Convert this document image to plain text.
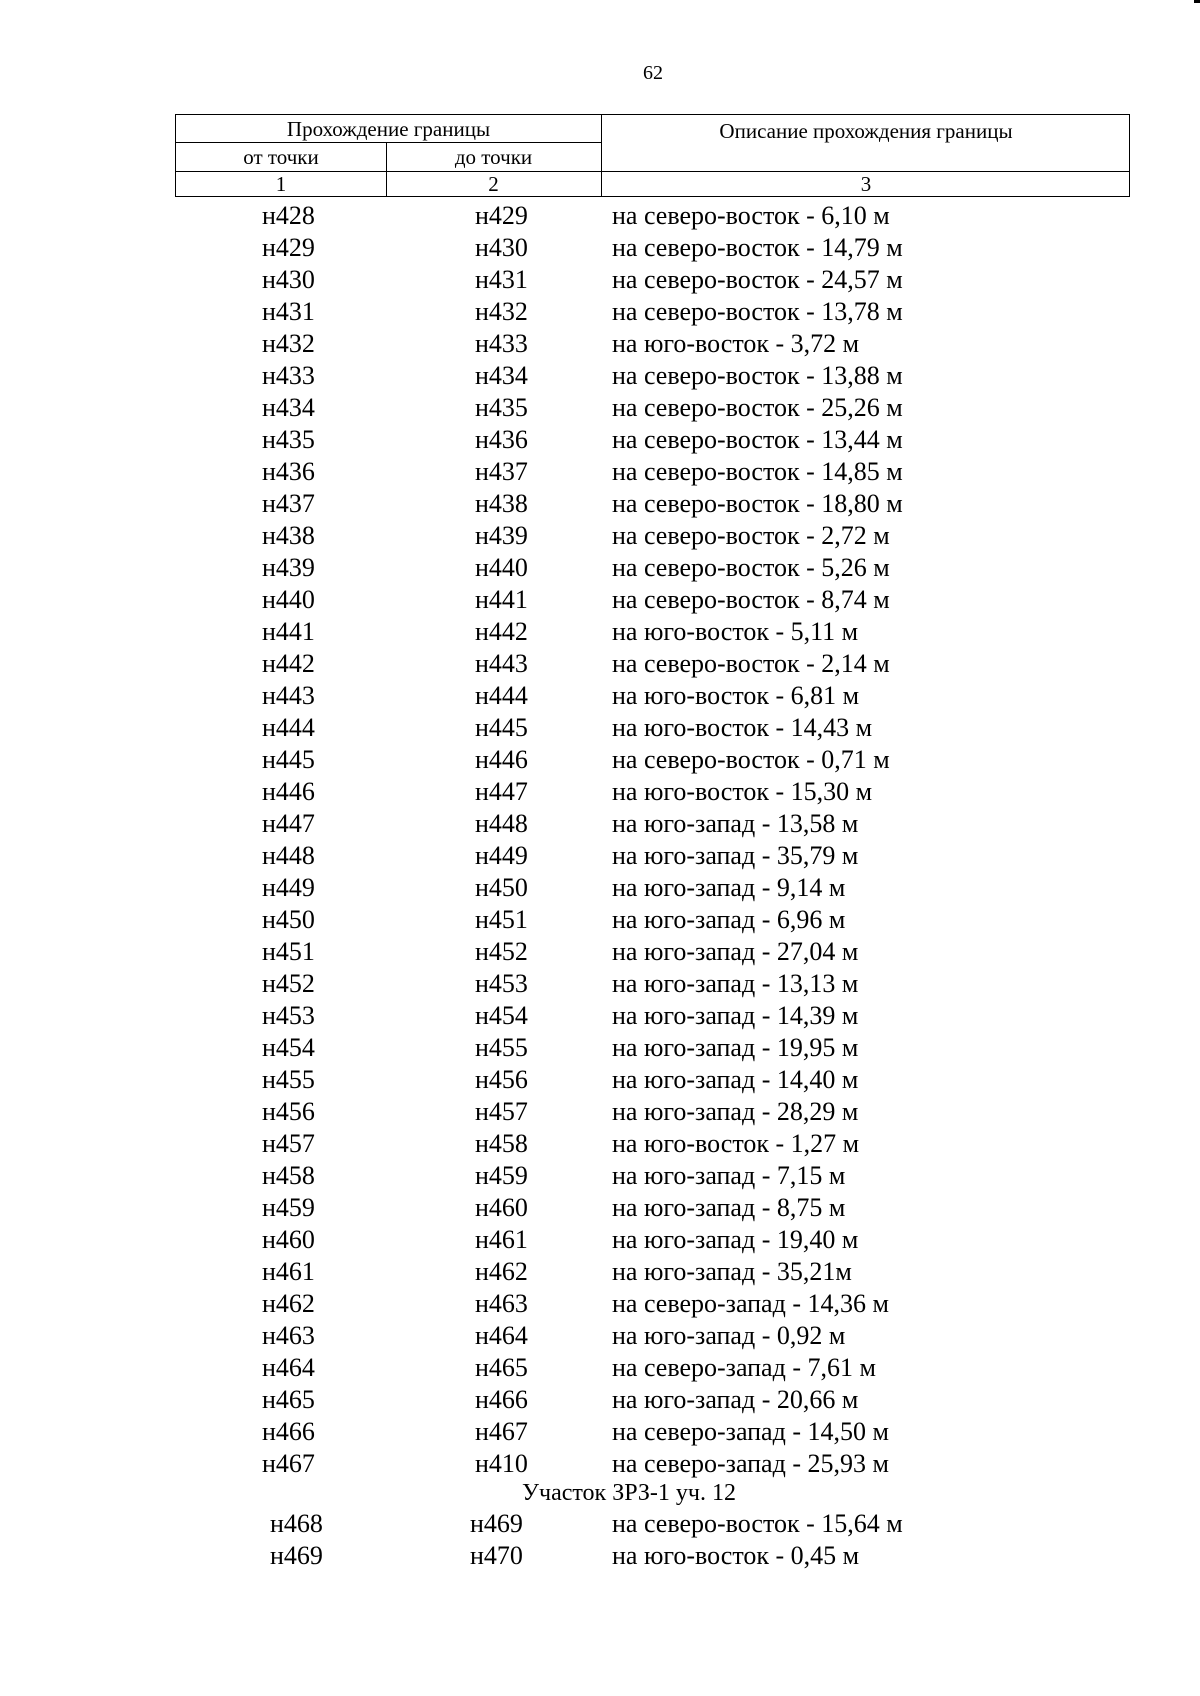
62
Прохождение границы
от точки	до точки
Описание прохождения границы
1	2	3
н428	н429	на северо-восток - 6,10 м
н429	н430	на северо-восток - 14,79 м
н430	н431	на северо-восток - 24,57 м
н431	н432	на северо-восток - 13,78 м
н432	н433	на юго-восток - 3,72 м
н433	н434	на северо-восток - 13,88 м
н434	н435	на северо-восток - 25,26 м
н435	н436	на северо-восток - 13,44 м
н436	н437	на северо-восток - 14,85 м
н437	н438	на северо-восток - 18,80 м
н438	н439	на северо-восток - 2,72 м
н439	н440	на северо-восток - 5,26 м
н440	н441	на северо-восток - 8,74 м
н441	н442	на юго-восток - 5,11 м
н442	н443	на северо-восток - 2,14 м
н443	н444	на юго-восток - 6,81 м
н444	н445	на юго-восток - 14,43 м
н445	н446	на северо-восток - 0,71 м
н446	н447	на юго-восток - 15,30 м
н447	н448	на юго-запад - 13,58 м
н448	н449	на юго-запад - 35,79 м
н449	н450	на юго-запад - 9,14 м
н450	н451	на юго-запад - 6,96 м
н451	н452	на юго-запад - 27,04 м
н452	н453	на юго-запад - 13,13 м
н453	н454	на юго-запад - 14,39 м
н454	н455	на юго-запад - 19,95 м
н455	н456	на юго-запад - 14,40 м
н456	н457	на юго-запад - 28,29 м
н457	н458	на юго-восток - 1,27 м
н458	н459	на юго-запад - 7,15 м
н459	н460	на юго-запад - 8,75 м
н460	н461	на юго-запад - 19,40 м
н461	н462	на юго-запад - 35,21м
н462	н463	на северо-запад - 14,36 м
н463	н464	на юго-запад - 0,92 м
н464	н465	на северо-запад - 7,61 м
н465	н466	на юго-запад - 20,66 м
н466	н467	на северо-запад - 14,50 м
н467	н410	на северо-запад - 25,93 м
Участок ЗРЗ-1 уч. 12
н468	н469	на северо-восток - 15,64 м
н469	н470	на юго-восток - 0,45 м
